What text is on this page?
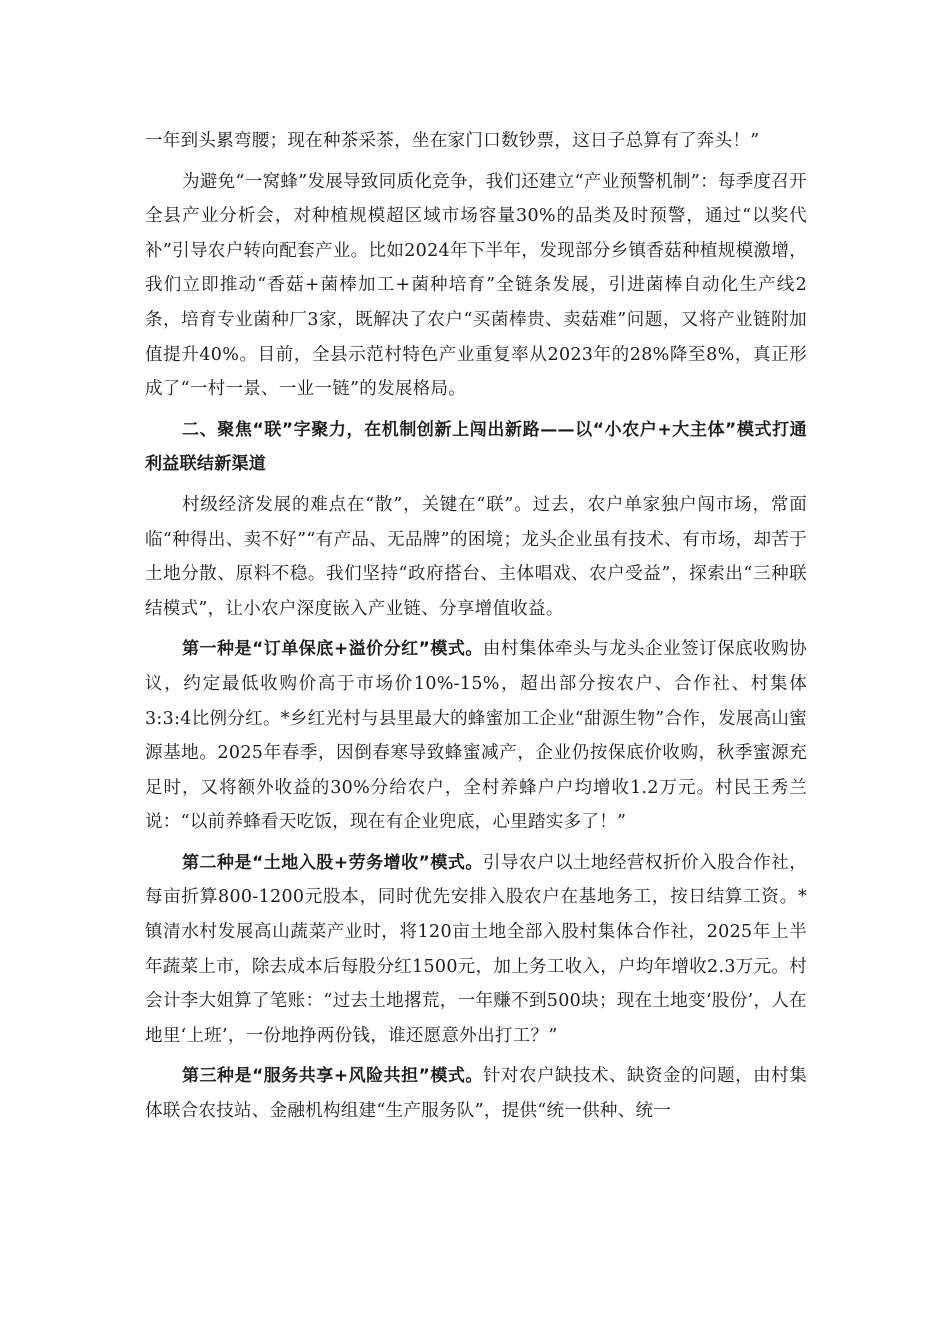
一年到头累弯腰；现在种茶采茶，坐在家门口数钞票，这日子总算有了奔头！”

为避免“一窝蜂”发展导致同质化竞争，我们还建立“产业预警机制”：每季度召开全县产业分析会，对种植规模超区域市场容量30%的品类及时预警，通过“以奖代补”引导农户转向配套产业。比如2024年下半年，发现部分乡镇香菇种植规模激增，我们立即推动“香菇+菌棒加工+菌种培育”全链条发展，引进菌棒自动化生产线2条，培育专业菌种厂3家，既解决了农户“买菌棒贵、卖菇难”问题，又将产业链附加值提升40%。目前，全县示范村特色产业重复率从2023年的28%降至8%，真正形成了“一村一景、一业一链”的发展格局。

二、聚焦“联”字聚力，在机制创新上闯出新路——以“小农户+大主体”模式打通利益联结新渠道

村级经济发展的难点在“散”，关键在“联”。过去，农户单家独户闯市场，常面临“种得出、卖不好”“有产品、无品牌”的困境；龙头企业虽有技术、有市场，却苦于土地分散、原料不稳。我们坚持“政府搭台、主体唱戏、农户受益”，探索出“三种联结模式”，让小农户深度嵌入产业链、分享增值收益。

第一种是“订单保底+溢价分红”模式。由村集体牵头与龙头企业签订保底收购协议，约定最低收购价高于市场价10%-15%，超出部分按农户、合作社、村集体3:3:4比例分红。*乡红光村与县里最大的蜂蜜加工企业“甜源生物”合作，发展高山蜜源基地。2025年春季，因倒春寒导致蜂蜜减产，企业仍按保底价收购，秋季蜜源充足时，又将额外收益的30%分给农户，全村养蜂户户均增收1.2万元。村民王秀兰说：“以前养蜂看天吃饭，现在有企业兜底，心里踏实多了！”

第二种是“土地入股+劳务增收”模式。引导农户以土地经营权折价入股合作社，每亩折算800-1200元股本，同时优先安排入股农户在基地务工，按日结算工资。*镇清水村发展高山蔬菜产业时，将120亩土地全部入股村集体合作社，2025年上半年蔬菜上市，除去成本后每股分红1500元，加上务工收入，户均年增收2.3万元。村会计李大姐算了笔账：“过去土地撂荒，一年赚不到500块；现在土地变‘股份’，人在地里‘上班’，一份地挣两份钱，谁还愿意外出打工？”

第三种是“服务共享+风险共担”模式。针对农户缺技术、缺资金的问题，由村集体联合农技站、金融机构组建“生产服务队”，提供“统一供种、统一
